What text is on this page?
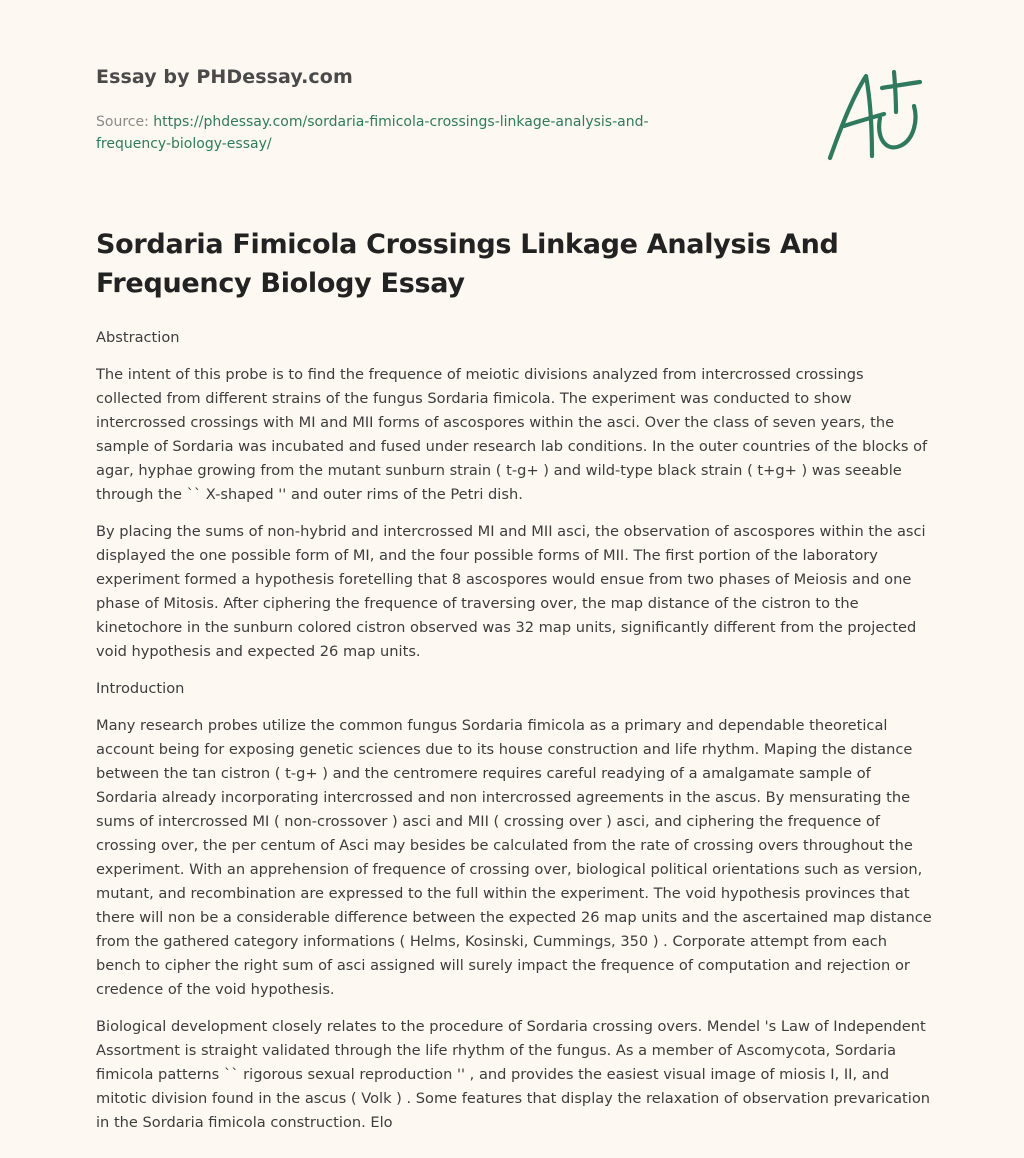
Essay by PHDessay.com
Source: https://phdessay.com/sordaria-fimicola-crossings-linkage-analysis-and-frequency-biology-essay/
Sordaria Fimicola Crossings Linkage Analysis And Frequency Biology Essay
Abstraction

The intent of this probe is to find the frequence of meiotic divisions analyzed from intercrossed crossings collected from different strains of the fungus Sordaria fimicola. The experiment was conducted to show intercrossed crossings with MI and MII forms of ascospores within the asci. Over the class of seven years, the sample of Sordaria was incubated and fused under research lab conditions. In the outer countries of the blocks of agar, hyphae growing from the mutant sunburn strain ( t-g+ ) and wild-type black strain ( t+g+ ) was seeable through the `` X-shaped '' and outer rims of the Petri dish.

By placing the sums of non-hybrid and intercrossed MI and MII asci, the observation of ascospores within the asci displayed the one possible form of MI, and the four possible forms of MII. The first portion of the laboratory experiment formed a hypothesis foretelling that 8 ascospores would ensue from two phases of Meiosis and one phase of Mitosis. After ciphering the frequence of traversing over, the map distance of the cistron to the kinetochore in the sunburn colored cistron observed was 32 map units, significantly different from the projected void hypothesis and expected 26 map units.

Introduction

Many research probes utilize the common fungus Sordaria fimicola as a primary and dependable theoretical account being for exposing genetic sciences due to its house construction and life rhythm. Maping the distance between the tan cistron ( t-g+ ) and the centromere requires careful readying of a amalgamate sample of Sordaria already incorporating intercrossed and non intercrossed agreements in the ascus. By mensurating the sums of intercrossed MI ( non-crossover ) asci and MII ( crossing over ) asci, and ciphering the frequence of crossing over, the per centum of Asci may besides be calculated from the rate of crossing overs throughout the experiment. With an apprehension of frequence of crossing over, biological political orientations such as version, mutant, and recombination are expressed to the full within the experiment. The void hypothesis provinces that there will non be a considerable difference between the expected 26 map units and the ascertained map distance from the gathered category informations ( Helms, Kosinski, Cummings, 350 ) . Corporate attempt from each bench to cipher the right sum of asci assigned will surely impact the frequence of computation and rejection or credence of the void hypothesis.

Biological development closely relates to the procedure of Sordaria crossing overs. Mendel 's Law of Independent Assortment is straight validated through the life rhythm of the fungus. As a member of Ascomycota, Sordaria fimicola patterns `` rigorous sexual reproduction '' , and provides the easiest visual image of miosis I, II, and mitotic division found in the ascus ( Volk ) . Some features that display the relaxation of observation prevarication in the Sordaria fimicola construction. Elo
